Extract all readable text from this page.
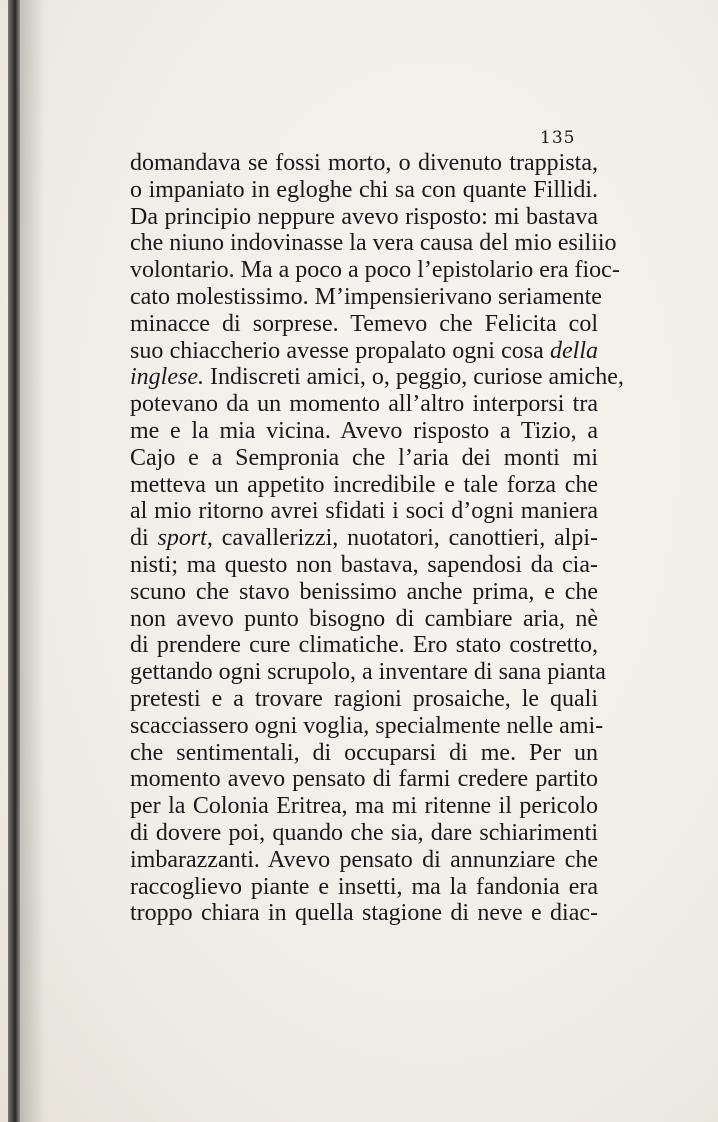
135
domandava se fossi morto, o divenuto trappista,
o impaniato in egloghe chi sa con quante Fillidi.
Da principio neppure avevo risposto: mi bastava
che niuno indovinasse la vera causa del mio esiliio
volontario. Ma a poco a poco l’epistolario era fioc-
cato molestissimo. M’impensierivano seriamente
minacce di sorprese. Temevo che Felicita col
suo chiaccherio avesse propalato ogni cosa della
inglese. Indiscreti amici, o, peggio, curiose amiche,
potevano da un momento all’altro interporsi tra
me e la mia vicina. Avevo risposto a Tizio, a
Cajo e a Sempronia che l’aria dei monti mi
metteva un appetito incredibile e tale forza che
al mio ritorno avrei sfidati i soci d’ogni maniera
di sport, cavallerizzi, nuotatori, canottieri, alpi-
nisti; ma questo non bastava, sapendosi da cia-
scuno che stavo benissimo anche prima, e che
non avevo punto bisogno di cambiare aria, nè
di prendere cure climatiche. Ero stato costretto,
gettando ogni scrupolo, a inventare di sana pianta
pretesti e a trovare ragioni prosaiche, le quali
scacciassero ogni voglia, specialmente nelle ami-
che sentimentali, di occuparsi di me. Per un
momento avevo pensato di farmi credere partito
per la Colonia Eritrea, ma mi ritenne il pericolo
di dovere poi, quando che sia, dare schiarimenti
imbarazzanti. Avevo pensato di annunziare che
raccoglievo piante e insetti, ma la fandonia era
troppo chiara in quella stagione di neve e diac-
